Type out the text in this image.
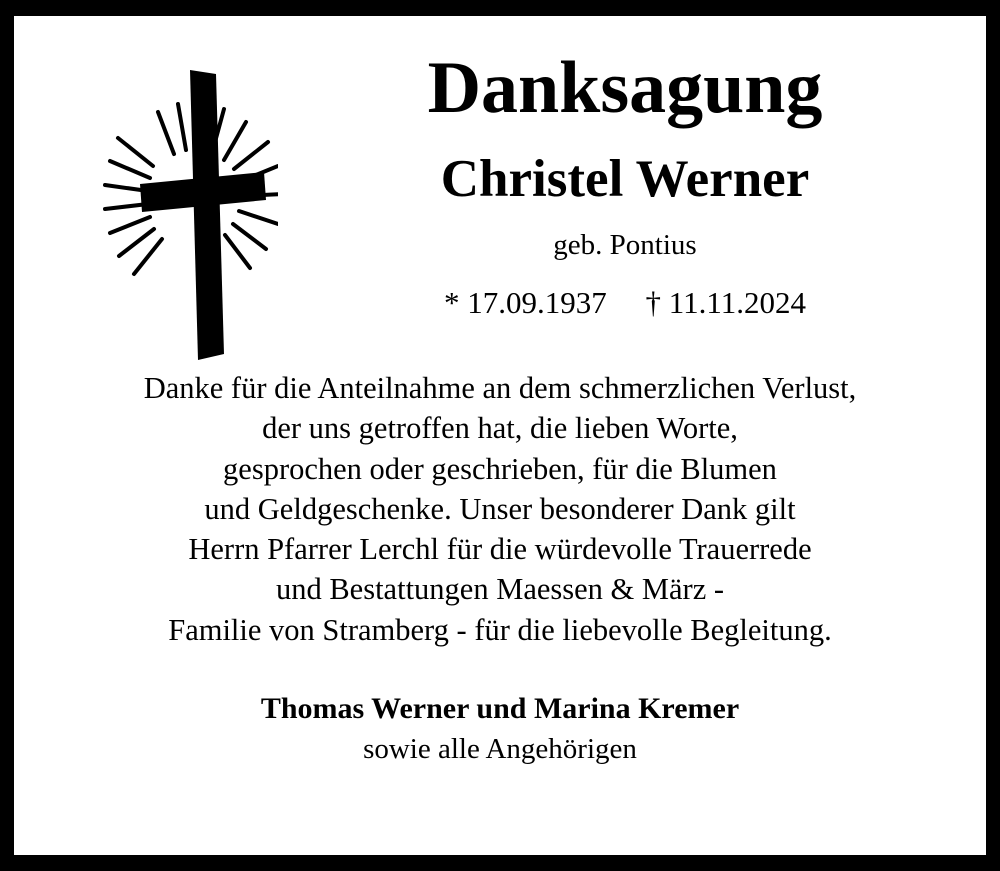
Danksagung
Christel Werner
geb. Pontius
* 17.09.1937     † 11.11.2024
Danke für die Anteilnahme an dem schmerzlichen Verlust,
der uns getroffen hat, die lieben Worte,
gesprochen oder geschrieben, für die Blumen
und Geldgeschenke. Unser besonderer Dank gilt
Herrn Pfarrer Lerchl für die würdevolle Trauerrede
und Bestattungen Maessen & März -
Familie von Stramberg - für die liebevolle Begleitung.
Thomas Werner und Marina Kremer
sowie alle Angehörigen
